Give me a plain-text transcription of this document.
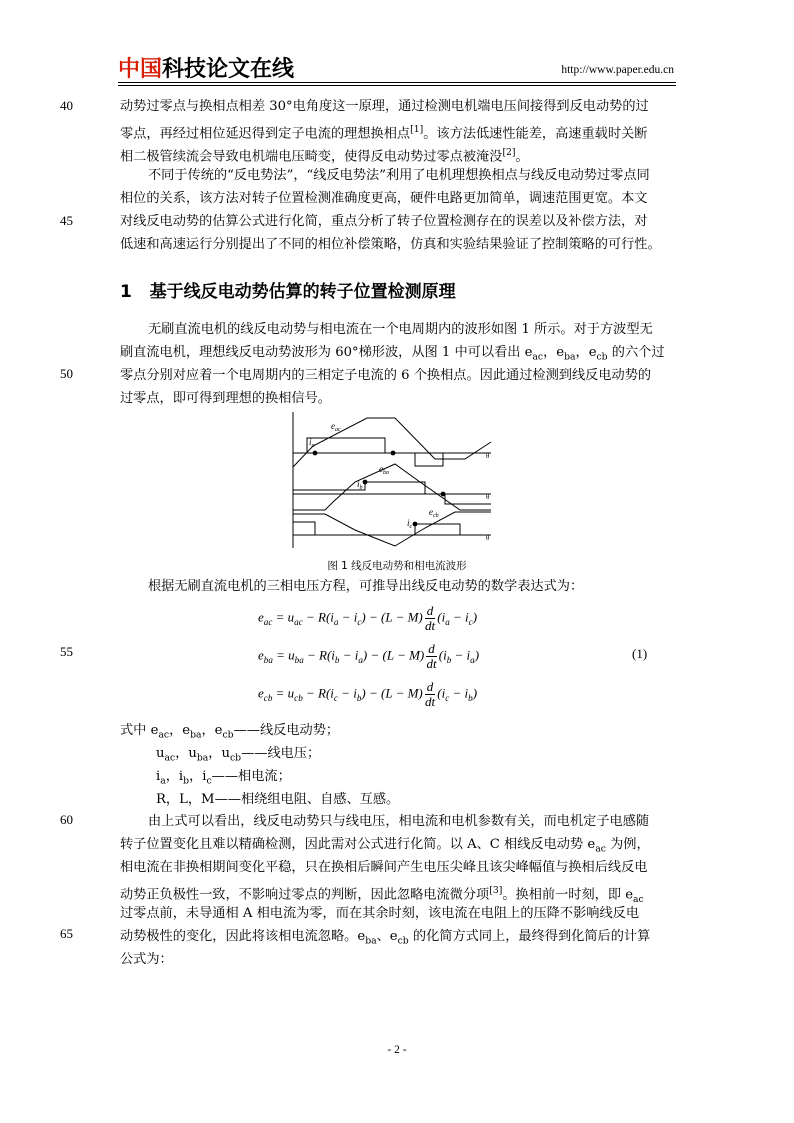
中国科技论文在线	http://www.paper.edu.cn
40
45
50
55
60
65
动势过零点与换相点相差 30°电角度这一原理，通过检测电机端电压间接得到反电动势的过
零点，再经过相位延迟得到定子电流的理想换相点[1]。该方法低速性能差，高速重载时关断
相二极管续流会导致电机端电压畸变，使得反电动势过零点被淹没[2]。
不同于传统的“反电势法”，“线反电势法”利用了电机理想换相点与线反电动势过零点同
相位的关系，该方法对转子位置检测准确度更高，硬件电路更加简单，调速范围更宽。本文
对线反电动势的估算公式进行化简，重点分析了转子位置检测存在的误差以及补偿方法，对
低速和高速运行分别提出了不同的相位补偿策略，仿真和实验结果验证了控制策略的可行性。
1 基于线反电动势估算的转子位置检测原理
无刷直流电机的线反电动势与相电流在一个电周期内的波形如图 1 所示。对于方波型无
刷直流电机，理想线反电动势波形为 60°梯形波，从图 1 中可以看出 $e_{ac}$，$e_{ba}$，$e_{cb}$ 的六个过
零点分别对应着一个电周期内的三相定子电流的 6 个换相点。因此通过检测到线反电动势的
过零点，即可得到理想的换相信号。
$e_{ac}$
$i_a$
$e_{ba}$
$i_b$
$e_{cb}$
$i_c$
θ
θ
θ
图 1 线反电动势和相电流波形
根据无刷直流电机的三相电压方程，可推导出线反电动势的数学表达式为：
$e_{ac} = u_{ac} - R(i_a - i_c) - (L - M) \frac{d}{dt} (i_a - i_c)$
$e_{ba} = u_{ba} - R(i_b - i_a) - (L - M) \frac{d}{dt} (i_b - i_a)$
$e_{cb} = u_{cb} - R(i_c - i_b) - (L - M) \frac{d}{dt} (i_c - i_b)$
(1)
式中 $e_{ac}$，$e_{ba}$，$e_{cb}——$线反电动势；
$u_{ac}$，$u_{ba}$，$u_{cb}——$线电压；
$i_a$，$i_b$，$i_c——$相电流；
R，L，M——相绕组电阻、自感、互感。
由上式可以看出，线反电动势只与线电压，相电流和电机参数有关，而电机定子电感随
转子位置变化且难以精确检测，因此需对公式进行化简。以 A、C 相线反电动势 $e_{ac}$ 为例，
相电流在非换相期间变化平稳，只在换相后瞬间产生电压尖峰且该尖峰幅值与换相后线反电
动势正负极性一致，不影响过零点的判断，因此忽略电流微分项[3]。换相前一时刻，即 $e_{ac}$
过零点前，未导通相 A 相电流为零，而在其余时刻，该电流在电阻上的压降不影响线反电
动势极性的变化，因此将该相电流忽略。$e_{ba}$、$e_{cb}$ 的化简方式同上，最终得到化简后的计算
公式为：
- 2 -
